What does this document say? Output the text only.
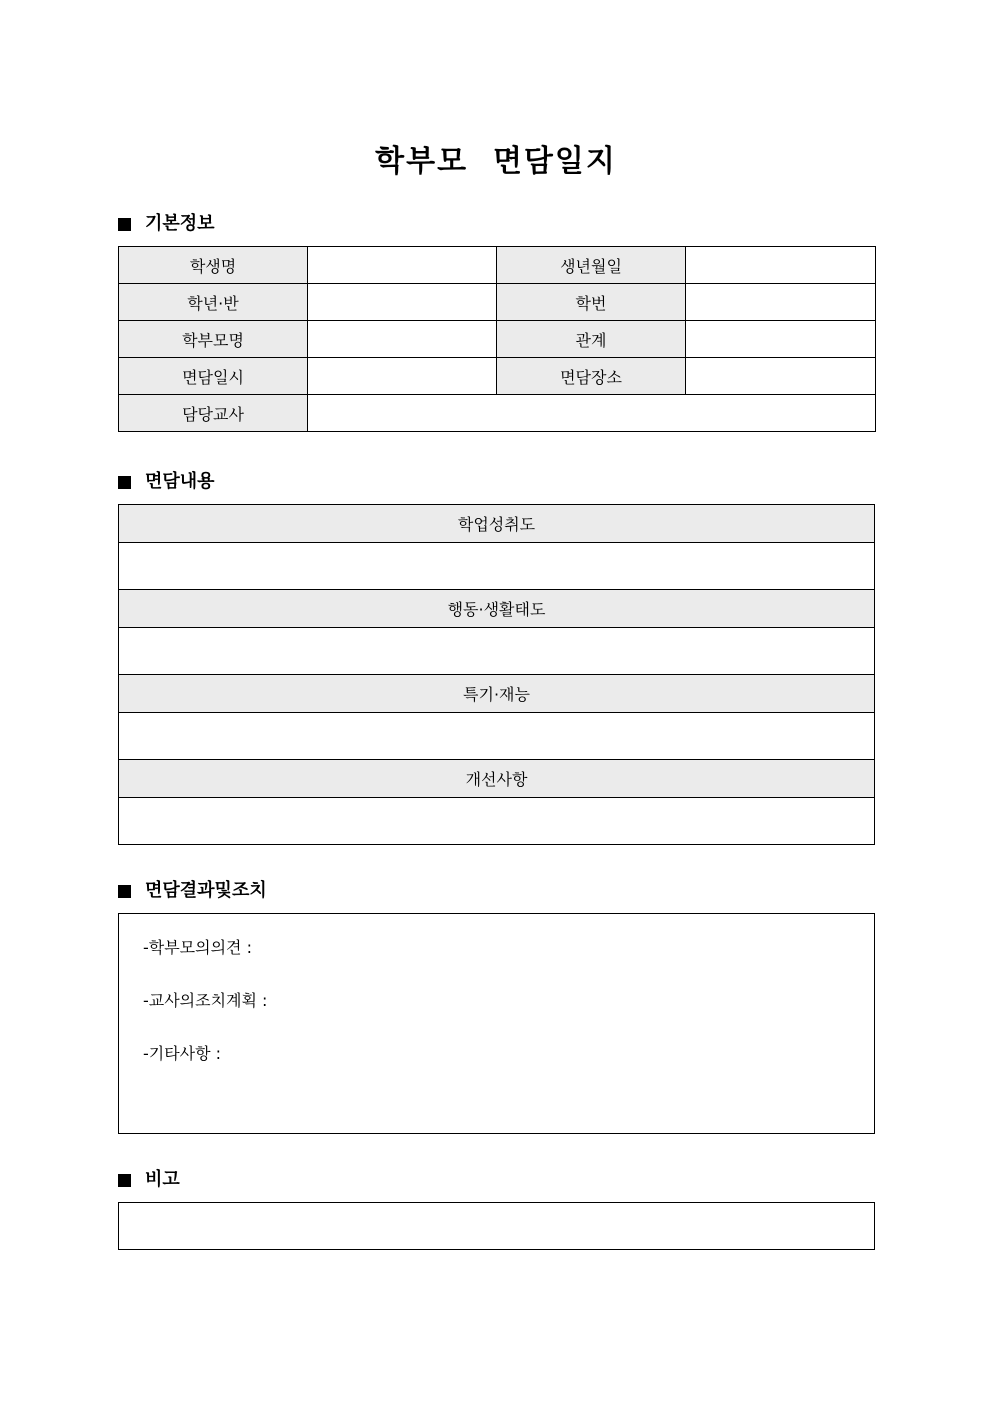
학부모  면담일지
기본정보
학생명		생년월일	
학년·반		학번	
학부모명		관계	
면담일시		면담장소	
담당교사			
면담내용
학업성취도

행동·생활태도

특기·재능

개선사항

면담결과및조치
-학부모의의견 :
-교사의조치계획 :
-기타사항 :
비고
